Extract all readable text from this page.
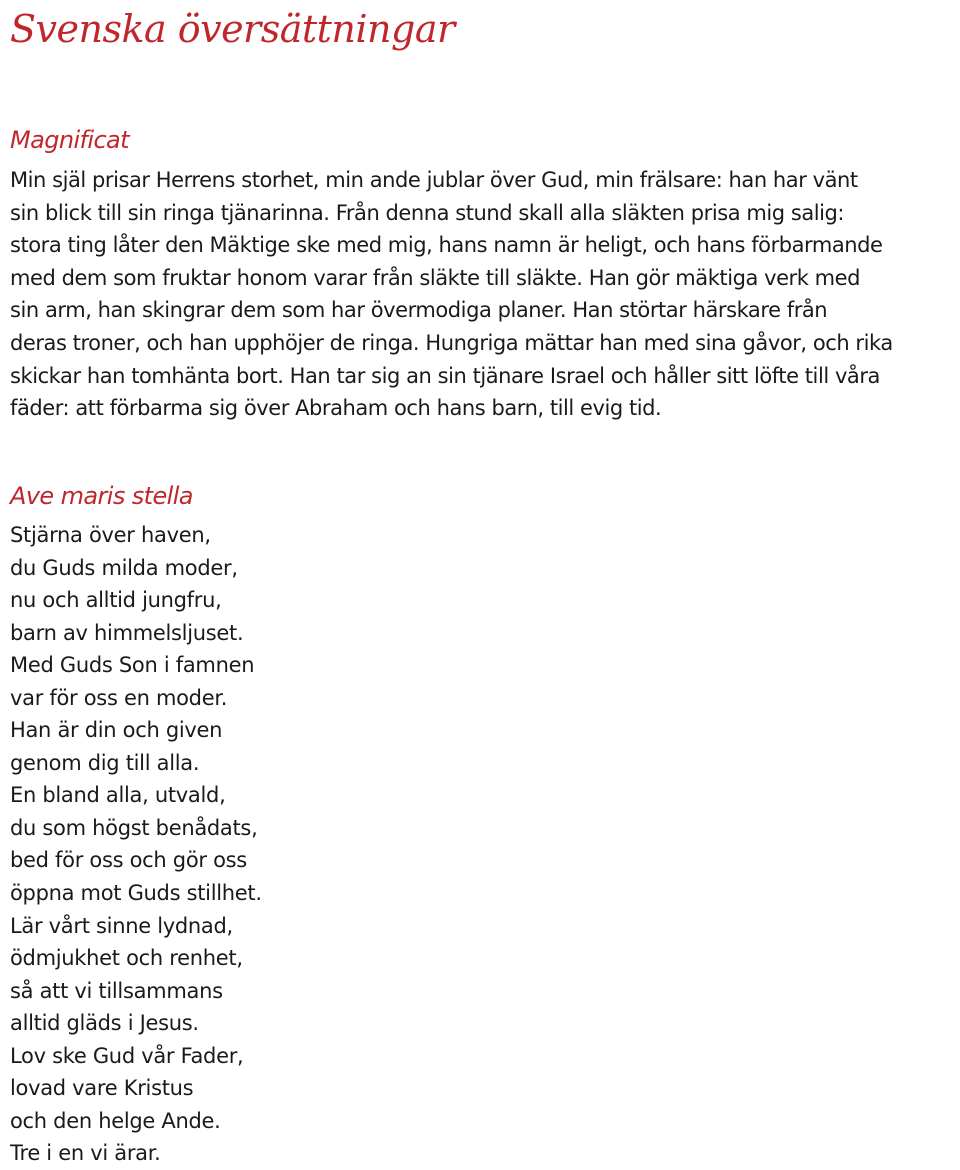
Svenska översättningar
Magnificat

Min själ prisar Herrens storhet, min ande jublar över Gud, min frälsare: han har vänt
sin blick till sin ringa tjänarinna. Från denna stund skall alla släkten prisa mig salig:
stora ting låter den Mäktige ske med mig, hans namn är heligt, och hans förbarmande
med dem som fruktar honom varar från släkte till släkte. Han gör mäktiga verk med
sin arm, han skingrar dem som har övermodiga planer. Han störtar härskare från
deras troner, och han upphöjer de ringa. Hungriga mättar han med sina gåvor, och rika
skickar han tomhänta bort. Han tar sig an sin tjänare Israel och håller sitt löfte till våra
fäder: att förbarma sig över Abraham och hans barn, till evig tid.

Ave maris stella
Stjärna över haven,
du Guds milda moder,
nu och alltid jungfru,
barn av himmelsljuset.
Med Guds Son i famnen
var för oss en moder.
Han är din och given
genom dig till alla.
En bland alla, utvald,
du som högst benådats,
bed för oss och gör oss
öppna mot Guds stillhet.
Lär vårt sinne lydnad,
ödmjukhet och renhet,
så att vi tillsammans
alltid gläds i Jesus.
Lov ske Gud vår Fader,
lovad vare Kristus
och den helge Ande.
Tre i en vi ärar.
